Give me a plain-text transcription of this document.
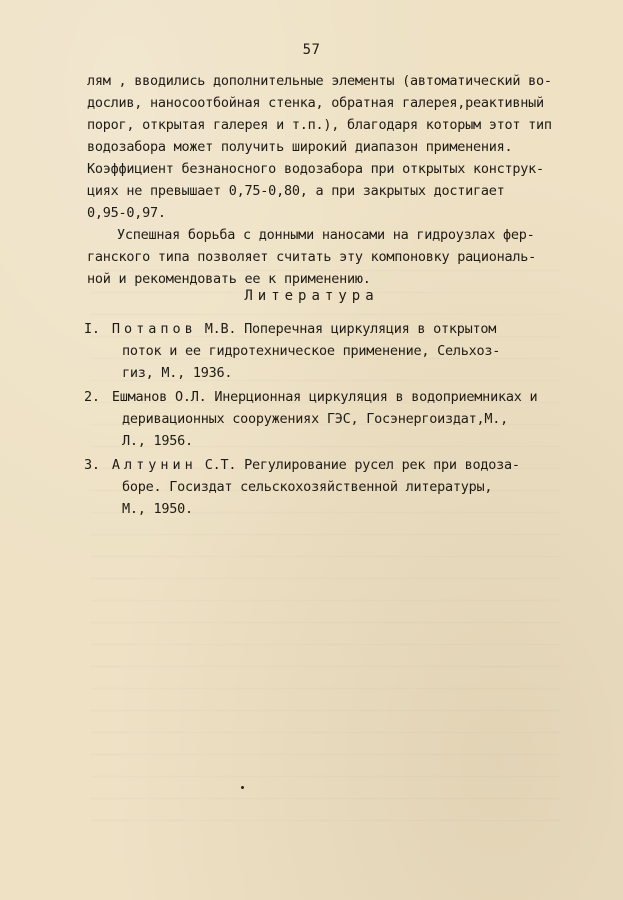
57
лям , вводились дополнительные элементы (автоматический во-
дослив, наносоотбойная стенка, обратная галерея,реактивный
порог, открытая галерея и т.п.), благодаря которым этот тип
водозабора может получить широкий диапазон применения.
Коэффициент безнаносного водозабора при открытых конструк-
циях не превышает 0,75-0,80, а при закрытых достигает
0,95-0,97.
Успешная борьба с донными наносами на гидроузлах фер-
ганского типа позволяет считать эту компоновку рациональ-
ной и рекомендовать ее к применению.
Литература
I. Потапов М.В. Поперечная циркуляция в открытом
поток и ее гидротехническое применение, Сельхоз-
гиз, М., 1936.
2. Ешманов О.Л. Инерционная циркуляция в водоприемниках и
деривационных сооружениях ГЭС, Госэнергоиздат,М.,
Л., 1956.
3. Алтунин С.Т. Регулирование русел рек при водоза-
боре. Госиздат сельскохозяйственной литературы,
М., 1950.
